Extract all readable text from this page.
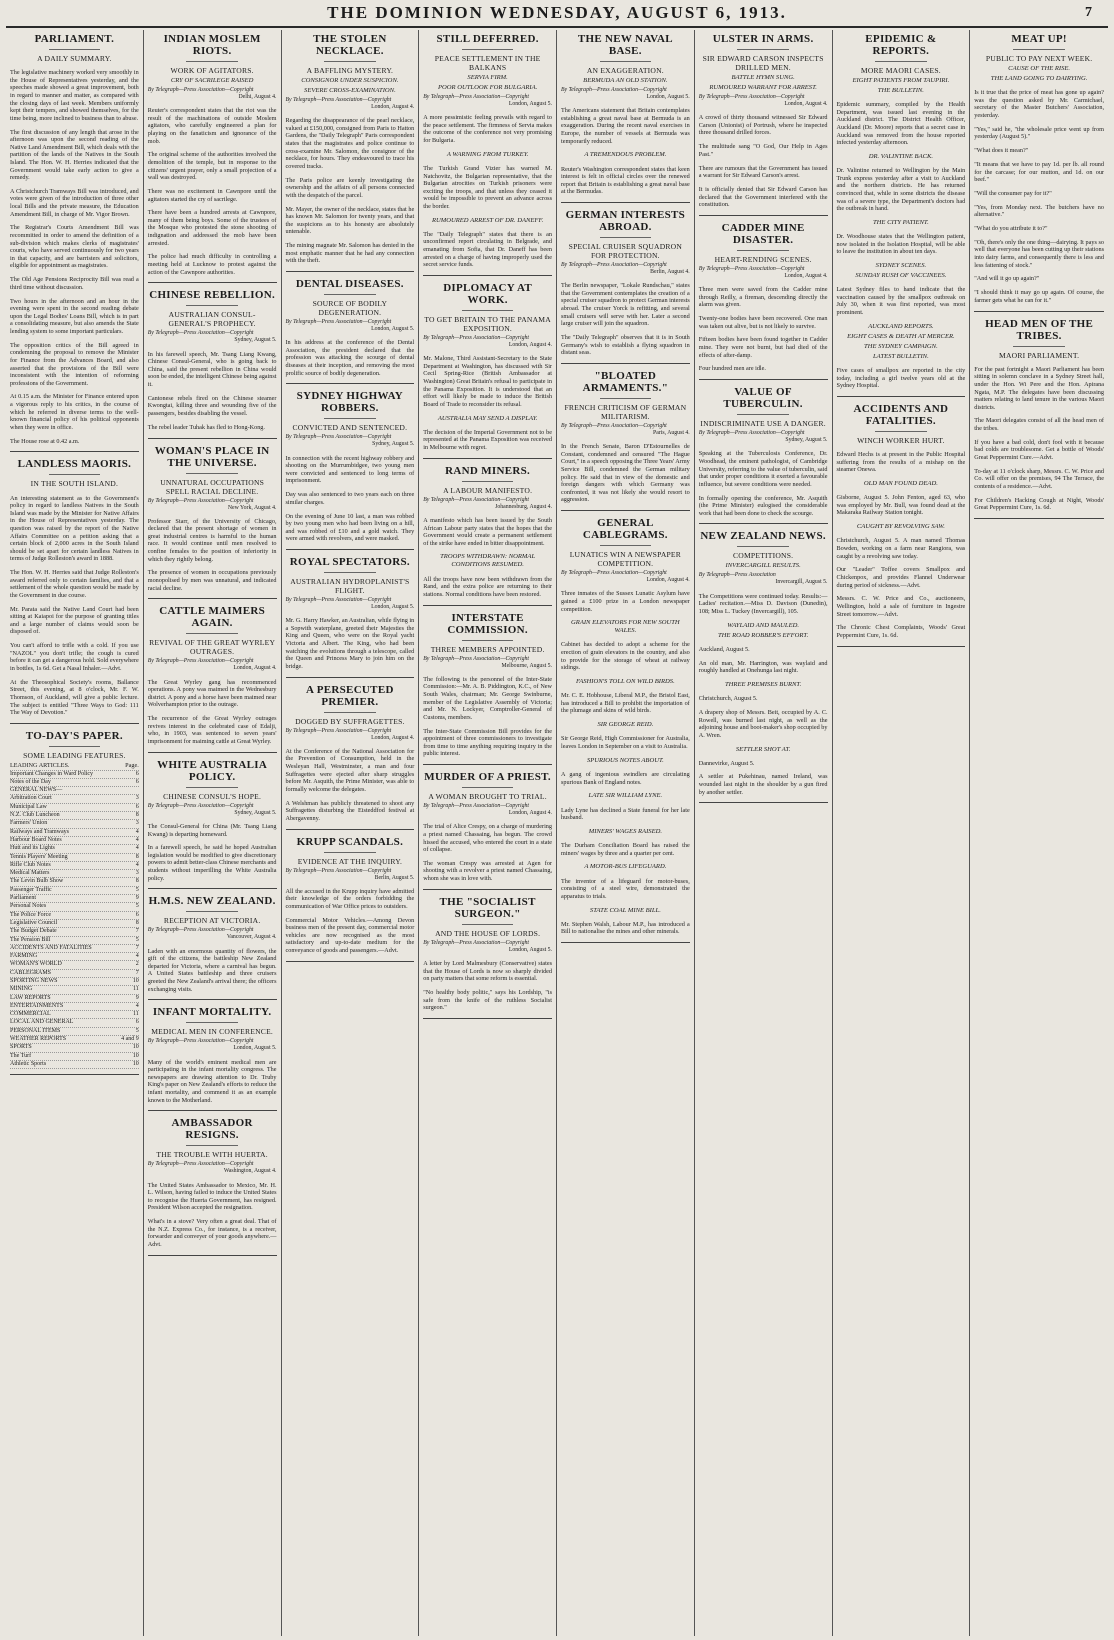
THE DOMINION WEDNESDAY, AUGUST 6, 1913.	7
PARLIAMENT.
A DAILY SUMMARY.

The legislative machinery worked very smoothly in the House of Representatives yesterday, and the speeches made showed a great improvement, both in regard to manner and matter, as compared with the closing days of last week. Members uniformly kept their tempers, and showed themselves, for the time being, more inclined to business than to abuse.

The first discussion of any length that arose in the afternoon was upon the second reading of the Native Land Amendment Bill, which deals with the partition of the lands of the Natives in the South Island. The Hon. W. H. Herries indicated that the Government would take early action to give a remedy.

A Christchurch Tramways Bill was introduced, and votes were given of the introduction of three other local Bills and the private measure, the Education Amendment Bill, in charge of Mr. Vigor Brown.

The Registrar's Courts Amendment Bill was recommitted in order to amend the definition of a sub-division which makes clerks of magistrates' courts, who have served continuously for two years in that capacity, and are barristers and solicitors, eligible for appointment as magistrates.

The Old Age Pensions Reciprocity Bill was read a third time without discussion.

Two hours in the afternoon and an hour in the evening were spent in the second reading debate upon the Legal Bodies' Loans Bill, which is in part a consolidating measure, but also amends the State lending system to some important particulars.

The opposition critics of the Bill agreed in condemning the proposal to remove the Minister for Finance from the Advances Board, and also asserted that the provisions of the Bill were inconsistent with the intention of reforming professions of the Government.

At 0.15 a.m. the Minister for Finance entered upon a vigorous reply to his critics, in the course of which he referred in diverse terms to the well-known financial policy of his political opponents when they were in office.

The House rose at 0.42 a.m.

LANDLESS MAORIS.
IN THE SOUTH ISLAND.

An interesting statement as to the Government's policy in regard to landless Natives in the South Island was made by the Minister for Native Affairs in the House of Representatives yesterday. The question was raised by the report of the Native Affairs Committee on a petition asking that a certain block of 2,000 acres in the South Island should be set apart for certain landless Natives in terms of Judge Rolleston's award in 1888.

The Hon. W. H. Herries said that Judge Rolleston's award referred only to certain families, and that a settlement of the whole question would be made by the Government in due course.

Mr. Parata said the Native Land Court had been sitting at Kaiapoi for the purpose of granting titles and a large number of claims would soon be disposed of.

You can't afford to trifle with a cold. If you use "NAZOL" you don't trifle; the cough is cured before it can get a dangerous hold. Sold everywhere in bottles, 1s 6d. Get a Nasal Inhaler.—Advt.

At the Theosophical Society's rooms, Ballance Street, this evening, at 8 o'clock, Mr. F. W. Thomson, of Auckland, will give a public lecture. The subject is entitled "Three Ways to God: 111 The Way of Devotion."

TO-DAY'S PAPER.
SOME LEADING FEATURES.
LEADING ARTICLES.	Page.
Important Changes in Ward Policy	6
Notes of the Day	6
GENERAL NEWS—
Arbitration Court	3
Municipal Law	6
N.Z. Club Luncheon	8
Farmers' Union	3
Railways and Tramways	4
Harbour Board Notes	4
Hutt and its Lights	4
Tennis Players' Meeting	8
Rifle Club Notes	4
Medical Matters	3
The Levin Bulb Show	8
Passenger Traffic	5
Parliament	9
Personal Notes	5
The Police Force	6
Legislative Council	8
The Budget Debate	7
The Pension Bill	5
ACCIDENTS AND FATALITIES	7
FARMING	4
WOMAN'S WORLD	2
CABLEGRAMS	7
SPORTING NEWS	10
MINING	11
LAW REPORTS	9
ENTERTAINMENTS	4
COMMERCIAL	11
LOCAL AND GENERAL	6
PERSONAL ITEMS	5
WEATHER REPORTS	4 and 9
SPORTS	10
The Turf	10
Athletic Sports	10
INDIAN MOSLEM RIOTS.
WORK OF AGITATORS.
CRY OF SACRILEGE RAISED
By Telegraph—Press Association—Copyright
Delhi, August 4.

Reuter's correspondent states that the riot was the result of the machinations of outside Moslem agitators, who carefully engineered a plan for playing on the fanaticism and ignorance of the mob.

The original scheme of the authorities involved the demolition of the temple, but in response to the citizens' urgent prayer, only a small projection of a wall was destroyed.

There was no excitement in Cawnpore until the agitators started the cry of sacrilege.

There have been a hundred arrests at Cawnpore, many of them being boys. Some of the trustees of the Mosque who protested the stone shooting of indignation and addressed the mob have been arrested.

The police had much difficulty in controlling a meeting held at Lucknow to protest against the action of the Cawnpore authorities.

CHINESE REBELLION.
AUSTRALIAN CONSUL-GENERAL'S PROPHECY.
By Telegraph—Press Association—Copyright
Sydney, August 5.

In his farewell speech, Mr. Tsang Liang Kwang, Chinese Consul-General, who is going back to China, said the present rebellion in China would soon be ended, the intelligent Chinese being against it.

Cantonese rebels fired on the Chinese steamer Kwongtai, killing three and wounding five of the passengers, besides disabling the vessel.

The rebel leader Tuhak has fled to Hong-Kong.

WOMAN'S PLACE IN THE UNIVERSE.
UNNATURAL OCCUPATIONS SPELL RACIAL DECLINE.
By Telegraph—Press Association—Copyright
New York, August 4.

Professor Starr, of the University of Chicago, declared that the present shortage of women in great industrial centres is harmful to the human race. It would continue until men resolved to confine females to the position of inferiority in which they rightly belong.

The presence of women in occupations previously monopolised by men was unnatural, and indicated racial decline.

CATTLE MAIMERS AGAIN.
REVIVAL OF THE GREAT WYRLEY OUTRAGES.
By Telegraph—Press Association—Copyright
London, August 4.

The Great Wyrley gang has recommenced operations. A pony was maimed in the Wednesbury district. A pony and a horse have been maimed near Wolverhampton prior to the outrage.

The recurrence of the Great Wyrley outrages revives interest in the celebrated case of Edalji, who, in 1903, was sentenced to seven years' imprisonment for maiming cattle at Great Wyrley.

WHITE AUSTRALIA POLICY.
CHINESE CONSUL'S HOPE.
By Telegraph—Press Association—Copyright
Sydney, August 5.

The Consul-General for China (Mr. Tsang Liang Kwang) is departing homeward.

In a farewell speech, he said he hoped Australian legislation would be modified to give discretionary powers to admit better-class Chinese merchants and students without imperilling the White Australia policy.

H.M.S. NEW ZEALAND.
RECEPTION AT VICTORIA.
By Telegraph—Press Association—Copyright
Vancouver, August 4.

Laden with an enormous quantity of flowers, the gift of the citizens, the battleship New Zealand departed for Victoria, where a carnival has begun. A United States battleship and three cruisers greeted the New Zealand's arrival there; the officers exchanging visits.

INFANT MORTALITY.
MEDICAL MEN IN CONFERENCE.
By Telegraph—Press Association—Copyright
London, August 5.

Many of the world's eminent medical men are participating in the infant mortality congress. The newspapers are drawing attention to Dr. Truby King's paper on New Zealand's efforts to reduce the infant mortality, and commend it as an example known to the Motherland.

AMBASSADOR RESIGNS.
THE TROUBLE WITH HUERTA.
By Telegraph—Press Association—Copyright
Washington, August 4.

The United States Ambassador to Mexico, Mr. H. L. Wilson, having failed to induce the United States to recognise the Huerta Government, has resigned. President Wilson accepted the resignation.

What's in a stove? Very often a great deal. That of the N.Z. Express Co., for instance, is a receiver, forwarder and conveyer of your goods anywhere.—Advt.

THE STOLEN NECKLACE.
A BAFFLING MYSTERY.
CONSIGNOR UNDER SUSPICION.
SEVERE CROSS-EXAMINATION.
By Telegraph—Press Association—Copyright
London, August 4.

Regarding the disappearance of the pearl necklace, valued at £150,000, consigned from Paris to Hatton Gardens, the "Daily Telegraph" Paris correspondent states that the magistrates and police continue to cross-examine Mr. Salomon, the consignor of the necklace, for hours. They endeavoured to trace his covered tracks.

The Paris police are keenly investigating the ownership and the affairs of all persons connected with the despatch of the parcel.

Mr. Mayer, the owner of the necklace, states that he has known Mr. Salomon for twenty years, and that the suspicions as to his honesty are absolutely untenable.

The mining magnate Mr. Salomon has denied in the most emphatic manner that he had any connection with the theft.

DENTAL DISEASES.
SOURCE OF BODILY DEGENERATION.
By Telegraph—Press Association—Copyright
London, August 5.

In his address at the conference of the Dental Association, the president declared that the profession was attacking the scourge of dental diseases at their inception, and removing the most prolific source of bodily degeneration.

SYDNEY HIGHWAY ROBBERS.
CONVICTED AND SENTENCED.
By Telegraph—Press Association—Copyright
Sydney, August 5.

In connection with the recent highway robbery and shooting on the Murrumbidgee, two young men were convicted and sentenced to long terms of imprisonment.

Day was also sentenced to two years each on three similar charges.

On the evening of June 10 last, a man was robbed by two young men who had been living on a hill, and was robbed of £10 and a gold watch. They were armed with revolvers, and were masked.

ROYAL SPECTATORS.
AUSTRALIAN HYDROPLANIST'S FLIGHT.
By Telegraph—Press Association—Copyright
London, August 5.

Mr. G. Harry Hawker, an Australian, while flying in a Sopwith waterplane, greeted their Majesties the King and Queen, who were on the Royal yacht Victoria and Albert. The King, who had been watching the evolutions through a telescope, called the Queen and Princess Mary to join him on the bridge.

A PERSECUTED PREMIER.
DOGGED BY SUFFRAGETTES.
By Telegraph—Press Association—Copyright
London, August 4.

At the Conference of the National Association for the Prevention of Consumption, held in the Wesleyan Hall, Westminster, a man and four Suffragettes were ejected after sharp struggles before Mr. Asquith, the Prime Minister, was able to formally welcome the delegates.

A Welshman has publicly threatened to shoot any Suffragettes disturbing the Eisteddfod festival at Abergavenny.

KRUPP SCANDALS.
EVIDENCE AT THE INQUIRY.
By Telegraph—Press Association—Copyright
Berlin, August 5.

All the accused in the Krupp inquiry have admitted their knowledge of the orders forbidding the communication of War Office prices to outsiders.

Commercial Motor Vehicles.—Among Devon business men of the present day, commercial motor vehicles are now recognised as the most satisfactory and up-to-date medium for the conveyance of goods and passengers.—Advt.

STILL DEFERRED.
PEACE SETTLEMENT IN THE BALKANS
SERVIA FIRM.
POOR OUTLOOK FOR BULGARIA.
By Telegraph—Press Association—Copyright
London, August 5.

A more pessimistic feeling prevails with regard to the peace settlement. The firmness of Servia makes the outcome of the conference not very promising for Bulgaria.

A WARNING FROM TURKEY.

The Turkish Grand Vizier has warned M. Natchovitz, the Bulgarian representative, that the Bulgarian atrocities on Turkish prisoners were exciting the troops, and that unless they ceased it would be impossible to prevent an advance across the border.

RUMOURED ARREST OF DR. DANEFF.

The "Daily Telegraph" states that there is an unconfirmed report circulating in Belgrade, and emanating from Sofia, that Dr. Daneff has been arrested on a charge of having improperly used the secret service funds.

DIPLOMACY AT WORK.
TO GET BRITAIN TO THE PANAMA EXPOSITION.
By Telegraph—Press Association—Copyright
London, August 4.

Mr. Malone, Third Assistant-Secretary to the State Department at Washington, has discussed with Sir Cecil Spring-Rice (British Ambassador at Washington) Great Britain's refusal to participate in the Panama Exposition. It is understood that an effort will likely be made to induce the British Board of Trade to reconsider its refusal.

AUSTRALIA MAY SEND A DISPLAY.

The decision of the Imperial Government not to be represented at the Panama Exposition was received in Melbourne with regret.

RAND MINERS.
A LABOUR MANIFESTO.
By Telegraph—Press Association—Copyright
Johannesburg, August 4.

A manifesto which has been issued by the South African Labour party states that the hopes that the Government would create a permanent settlement of the strike have ended in bitter disappointment.

TROOPS WITHDRAWN: NORMAL CONDITIONS RESUMED.

All the troops have now been withdrawn from the Rand, and the extra police are returning to their stations. Normal conditions have been restored.

INTERSTATE COMMISSION.
THREE MEMBERS APPOINTED.
By Telegraph—Press Association—Copyright
Melbourne, August 5.

The following is the personnel of the Inter-State Commission:—Mr. A. B. Piddington, K.C., of New South Wales, chairman; Mr. George Swinburne, member of the Legislative Assembly of Victoria; and Mr. N. Lockyer, Comptroller-General of Customs, members.

The Inter-State Commission Bill provides for the appointment of three commissioners to investigate from time to time anything requiring inquiry in the public interest.

MURDER OF A PRIEST.
A WOMAN BROUGHT TO TRIAL.
By Telegraph—Press Association—Copyright
London, August 4.

The trial of Alice Crespy, on a charge of murdering a priest named Chassaing, has begun. The crowd hissed the accused, who entered the court in a state of collapse.

The woman Crespy was arrested at Agen for shooting with a revolver a priest named Chassaing, whom she was in love with.

THE "SOCIALIST SURGEON."
AND THE HOUSE OF LORDS.
By Telegraph—Press Association—Copyright
London, August 5.

A letter by Lord Malmesbury (Conservative) states that the House of Lords is now so sharply divided on party matters that some reform is essential.

"No healthy body politic," says his Lordship, "is safe from the knife of the ruthless Socialist surgeon."

THE NEW NAVAL BASE.
AN EXAGGERATION.
BERMUDA AN OLD STATION.
By Telegraph—Press Association—Copyright
London, August 5.

The Americans statement that Britain contemplates establishing a great naval base at Bermuda is an exaggeration. During the recent naval exercises in Europe, the number of vessels at Bermuda was temporarily reduced.

A TREMENDOUS PROBLEM.

Reuter's Washington correspondent states that keen interest is felt in official circles over the renewed report that Britain is establishing a great naval base at the Bermudas.

GERMAN INTERESTS ABROAD.
SPECIAL CRUISER SQUADRON FOR PROTECTION.
By Telegraph—Press Association—Copyright
Berlin, August 4.

The Berlin newspaper, "Lokale Rundschau," states that the Government contemplates the creation of a special cruiser squadron to protect German interests abroad. The cruiser Yorck is refitting, and several small cruisers will serve with her. Later a second large cruiser will join the squadron.

The "Daily Telegraph" observes that it is in South Germany's wish to establish a flying squadron in distant seas.

"BLOATED ARMAMENTS."
FRENCH CRITICISM OF GERMAN MILITARISM.
By Telegraph—Press Association—Copyright
Paris, August 4.

In the French Senate, Baron D'Estournelles de Constant, condemned and censured "The Hague Court," in a speech opposing the Three Years' Army Service Bill, condemned the German military policy. He said that in view of the domestic and foreign dangers with which Germany was confronted, it was not likely she would resort to aggression.

GENERAL CABLEGRAMS.
LUNATICS WIN A NEWSPAPER COMPETITION.
By Telegraph—Press Association—Copyright
London, August 4.

Three inmates of the Sussex Lunatic Asylum have gained a £100 prize in a London newspaper competition.

GRAIN ELEVATORS FOR NEW SOUTH WALES.

Cabinet has decided to adopt a scheme for the erection of grain elevators in the country, and also to provide for the storage of wheat at railway sidings.

FASHION'S TOLL ON WILD BIRDS.

Mr. C. E. Hobhouse, Liberal M.P., the Bristol East, has introduced a Bill to prohibit the importation of the plumage and skins of wild birds.

SIR GEORGE REID.

Sir George Reid, High Commissioner for Australia, leaves London in September on a visit to Australia.

SPURIOUS NOTES ABOUT.

A gang of ingenious swindlers are circulating spurious Bank of England notes.

LATE SIR WILLIAM LYNE.

Lady Lyne has declined a State funeral for her late husband.

MINERS' WAGES RAISED.

The Durham Conciliation Board has raised the miners' wages by three and a quarter per cent.

A MOTOR-BUS LIFEGUARD.

The inventor of a lifeguard for motor-buses, consisting of a steel wire, demonstrated the apparatus to trials.

STATE COAL MINE BILL.

Mr. Stephen Walsh, Labour M.P., has introduced a Bill to nationalise the mines and other minerals.

ULSTER IN ARMS.
SIR EDWARD CARSON INSPECTS DRILLED MEN.
BATTLE HYMN SUNG.
RUMOURED WARRANT FOR ARREST.
By Telegraph—Press Association—Copyright
London, August 4.

A crowd of thirty thousand witnessed Sir Edward Carson (Unionist) of Portrush, where he inspected three thousand drilled forces.

The multitude sang "O God, Our Help in Ages Past."

There are rumours that the Government has issued a warrant for Sir Edward Carson's arrest.

It is officially denied that Sir Edward Carson has declared that the Government interfered with the constitution.

CADDER MINE DISASTER.
HEART-RENDING SCENES.
By Telegraph—Press Association—Copyright
London, August 4.

Three men were saved from the Cadder mine through Reilly, a fireman, descending directly the alarm was given.

Twenty-one bodies have been recovered. One man was taken out alive, but is not likely to survive.

Fifteen bodies have been found together in Cadder mine. They were not burnt, but had died of the effects of after-damp.

Four hundred men are idle.

VALUE OF TUBERCULIN.
INDISCRIMINATE USE A DANGER.
By Telegraph—Press Association—Copyright
Sydney, August 5.

Speaking at the Tuberculosis Conference, Dr. Woodhead, the eminent pathologist, of Cambridge University, referring to the value of tuberculin, said that under proper conditions it exerted a favourable influence, but severe conditions were needed.

In formally opening the conference, Mr. Asquith (the Prime Minister) eulogised the considerable work that had been done to check the scourge.

NEW ZEALAND NEWS.
COMPETITIONS.
INVERCARGILL RESULTS.
By Telegraph—Press Association
Invercargill, August 5.

The Competitions were continued today. Results:—Ladies' recitation.—Miss D. Davison (Dunedin), 108; Miss L. Tuckey (Invercargill), 105.

WAYLAID AND MAULED.

THE ROAD ROBBER'S EFFORT.

Auckland, August 5.

An old man, Mr. Harrington, was waylaid and roughly handled at Onehunga last night.

THREE PREMISES BURNT.

Christchurch, August 5.

A drapery shop of Messrs. Beit, occupied by A. C. Rowell, was burned last night, as well as the adjoining house and boot-maker's shop occupied by A. Wren.

SETTLER SHOT AT.

Dannevirke, August 5.

A settler at Pukehinau, named Ireland, was wounded last night in the shoulder by a gun fired by another settler.

EPIDEMIC & REPORTS.
MORE MAORI CASES.
EIGHT PATIENTS FROM TAUPIRI.
THE BULLETIN.

Epidemic summary, compiled by the Health Department, was issued last evening in the Auckland district. The District Health Officer, Auckland (Dr. Moore) reports that a secret case in Auckland was removed from the house reported infected yesterday afternoon.

DR. VALINTINE BACK.

Dr. Valintine returned to Wellington by the Main Trunk express yesterday after a visit to Auckland and the northern districts. He has returned convinced that, while in some districts the disease was of a severe type, the Department's doctors had the outbreak in hand.

THE CITY PATIENT.

Dr. Woodhouse states that the Wellington patient, now isolated in the Isolation Hospital, will be able to leave the institution in about ten days.

SYDNEY SCENES.

SUNDAY RUSH OF VACCINEES.

Latest Sydney files to hand indicate that the vaccination caused by the smallpox outbreak on July 30, when it was first reported, was most prominent.

AUCKLAND REPORTS.

EIGHT CASES & DEATH AT MERCER.

THE SYDNEY CAMPAIGN.

LATEST BULLETIN.

Five cases of smallpox are reported in the city today, including a girl twelve years old at the Sydney Hospital.

ACCIDENTS AND FATALITIES.
WINCH WORKER HURT.

Edward Hechs is at present in the Public Hospital suffering from the results of a mishap on the steamer Onewa.

OLD MAN FOUND DEAD.

Gisborne, August 5. John Fenton, aged 63, who was employed by Mr. Bull, was found dead at the Makaraka Railway Station tonight.

CAUGHT BY REVOLVING SAW.

Christchurch, August 5. A man named Thomas Bowden, working on a farm near Rangiora, was caught by a revolving saw today.

Our "Leader" Toffee covers Smallpox and Chickenpox, and provides Flannel Underwear during period of sickness.—Advt.

Messrs. C. W. Price and Co., auctioneers, Wellington, hold a sale of furniture in Ingestre Street tomorrow.—Advt.

The Chronic Chest Complaints, Woods' Great Peppermint Cure, 1s. 6d.

MEAT UP!
PUBLIC TO PAY NEXT WEEK.
CAUSE OF THE RISE.
THE LAND GOING TO DAIRYING.

Is it true that the price of meat has gone up again? was the question asked by Mr. Carmichael, secretary of the Master Butchers' Association, yesterday.

"Yes," said he, "the wholesale price went up from yesterday (August 5)."

"What does it mean?"

"It means that we have to pay 1d. per lb. all round for the carcase; for our mutton, and 1d. on our beef."

"Will the consumer pay for it?"

"Yes, from Monday next. The butchers have no alternative."

"What do you attribute it to?"

"Oh, there's only the one thing—dairying. It pays so well that everyone has been cutting up their stations into dairy farms, and consequently there is less and less fattening of stock."

"And will it go up again?"

"I should think it may go up again. Of course, the farmer gets what he can for it."

HEAD MEN OF THE TRIBES.
MAORI PARLIAMENT.

For the past fortnight a Maori Parliament has been sitting in solemn conclave in a Sydney Street hall, under the Hon. Wi Pere and the Hon. Apirana Ngata, M.P. The delegates have been discussing matters relating to land tenure in the various Maori districts.

The Maori delegates consist of all the head men of the tribes.

If you have a bad cold, don't fool with it because bad colds are troublesome. Get a bottle of Woods' Great Peppermint Cure.—Advt.

To-day at 11 o'clock sharp, Messrs. C. W. Price and Co. will offer on the premises, 94 The Terrace, the contents of a residence.—Advt.

For Children's Hacking Cough at Night, Woods' Great Peppermint Cure, 1s. 6d.
